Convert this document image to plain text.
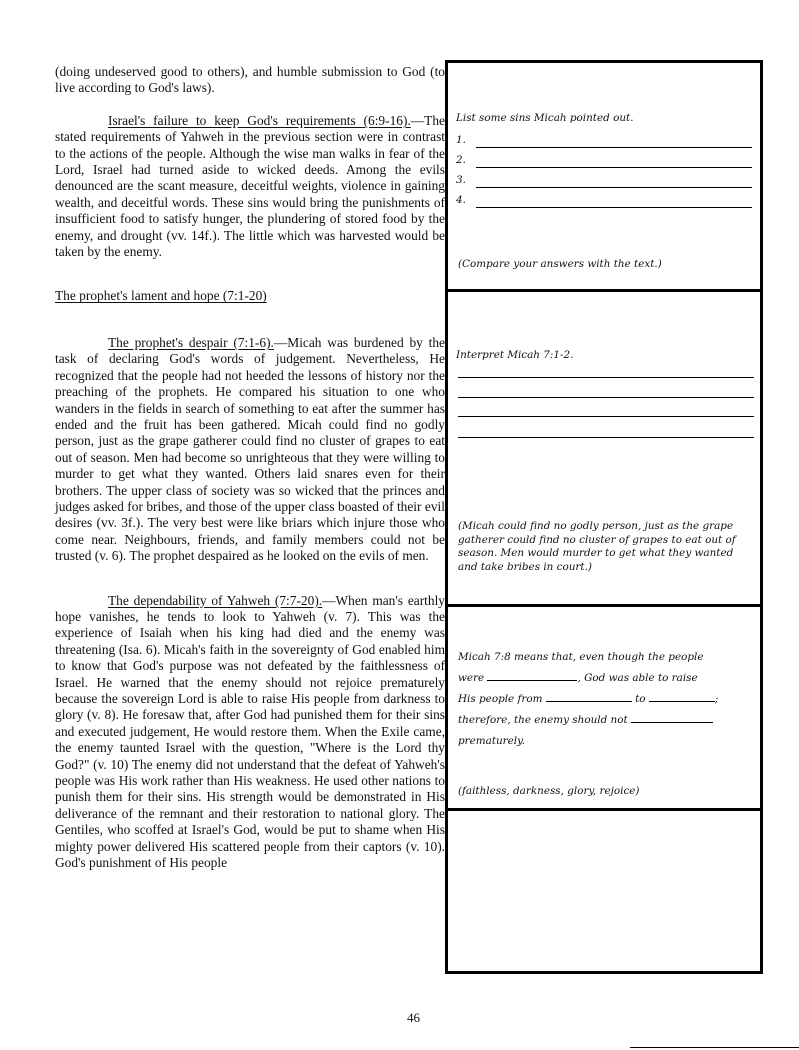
(doing undeserved good to others), and humble submission to God (to live according to God's laws).

Israel's failure to keep God's requirements (6:9-16).—The stated requirements of Yahweh in the previous section were in contrast to the actions of the people. Although the wise man walks in fear of the Lord, Israel had turned aside to wicked deeds. Among the evils denounced are the scant measure, deceitful weights, violence in gaining wealth, and deceitful words. These sins would bring the punishments of insufficient food to satisfy hunger, the plundering of stored food by the enemy, and drought (vv. 14f.). The little which was harvested would be taken by the enemy.

The prophet's lament and hope (7:1-20)

The prophet's despair (7:1-6).—Micah was burdened by the task of declaring God's words of judgement. Nevertheless, He recognized that the people had not heeded the lessons of history nor the preaching of the prophets. He compared his situation to one who wanders in the fields in search of something to eat after the summer has ended and the fruit has been gathered. Micah could find no godly person, just as the grape gatherer could find no cluster of grapes to eat out of season. Men had become so unrighteous that they were willing to murder to get what they wanted. Others laid snares even for their brothers. The upper class of society was so wicked that the princes and judges asked for bribes, and those of the upper class boasted of their evil desires (vv. 3f.). The very best were like briars which injure those who come near. Neighbours, friends, and family members could not be trusted (v. 6). The prophet despaired as he looked on the evils of men.

The dependability of Yahweh (7:7-20).—When man's earthly hope vanishes, he tends to look to Yahweh (v. 7). This was the experience of Isaiah when his king had died and the enemy was threatening (Isa. 6). Micah's faith in the sovereignty of God enabled him to know that God's purpose was not defeated by the faithlessness of Israel. He warned that the enemy should not rejoice prematurely because the sovereign Lord is able to raise His people from darkness to glory (v. 8). He foresaw that, after God had punished them for their sins and executed judgement, He would restore them. When the Exile came, the enemy taunted Israel with the question, "Where is the Lord thy God?" (v. 10) The enemy did not understand that the defeat of Yahweh's people was His work rather than His weakness. He used other nations to punish them for their sins. His strength would be demonstrated in His deliverance of the remnant and their restoration to national glory. The Gentiles, who scoffed at Israel's God, would be put to shame when His mighty power delivered His scattered people from their captors (v. 10). God's punishment of His people

List some sins Micah pointed out.
1.
2.
3.
4.
(Compare your answers with the text.)
Interpret Micah 7:1-2.
(Micah could find no godly person, just as the grape gatherer could find no cluster of grapes to eat out of season. Men would murder to get what they wanted and take bribes in court.)
Micah 7:8 means that, even though the people
were	, God was able to raise
His people from	to	;
therefore, the enemy should not
prematurely.
(faithless, darkness, glory, rejoice)
46
